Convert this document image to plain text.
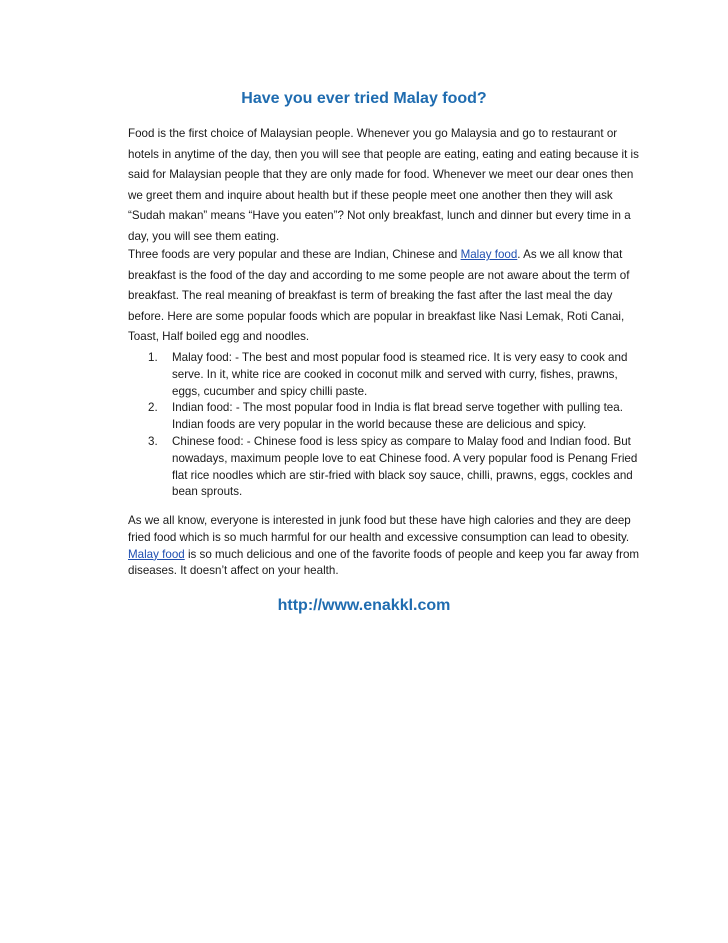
Have you ever tried Malay food?
Food is the first choice of Malaysian people. Whenever you go Malaysia and go to restaurant or hotels in anytime of the day, then you will see that people are eating, eating and eating because it is said for Malaysian people that they are only made for food. Whenever we meet our dear ones then we greet them and inquire about health but if these people meet one another then they will ask “Sudah makan” means “Have you eaten”? Not only breakfast, lunch and dinner but every time in a day, you will see them eating.
Three foods are very popular and these are Indian, Chinese and Malay food. As we all know that breakfast is the food of the day and according to me some people are not aware about the term of breakfast. The real meaning of breakfast is term of breaking the fast after the last meal the day before. Here are some popular foods which are popular in breakfast like Nasi Lemak, Roti Canai, Toast, Half boiled egg and noodles.
1. Malay food: - The best and most popular food is steamed rice. It is very easy to cook and serve. In it, white rice are cooked in coconut milk and served with curry, fishes, prawns, eggs, cucumber and spicy chilli paste.
2. Indian food: - The most popular food in India is flat bread serve together with pulling tea. Indian foods are very popular in the world because these are delicious and spicy.
3. Chinese food: - Chinese food is less spicy as compare to Malay food and Indian food. But nowadays, maximum people love to eat Chinese food. A very popular food is Penang Fried flat rice noodles which are stir-fried with black soy sauce, chilli, prawns, eggs, cockles and bean sprouts.
As we all know, everyone is interested in junk food but these have high calories and they are deep fried food which is so much harmful for our health and excessive consumption can lead to obesity. Malay food is so much delicious and one of the favorite foods of people and keep you far away from diseases. It doesn’t affect on your health.
http://www.enakkl.com
